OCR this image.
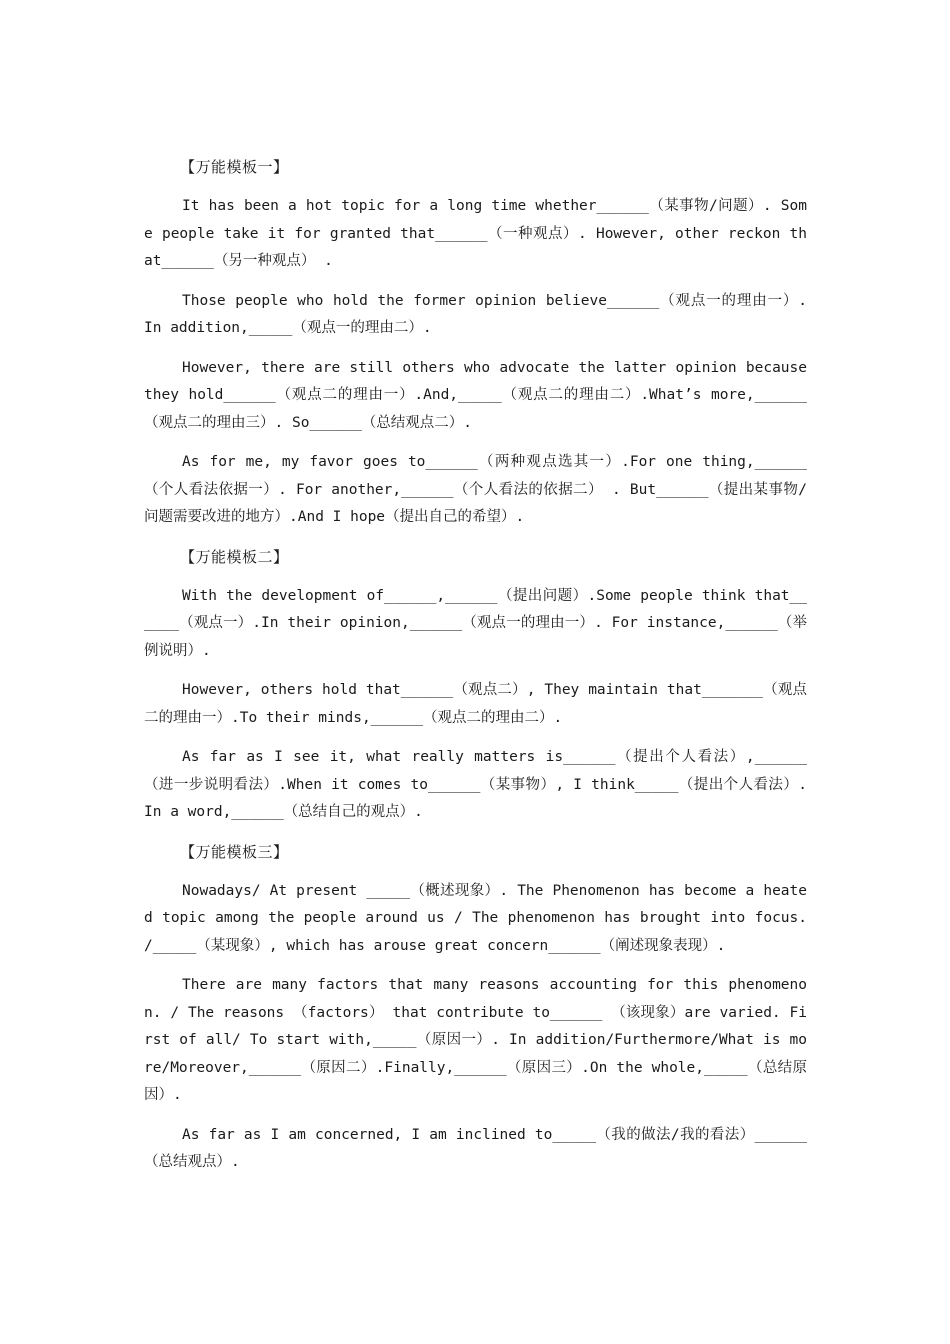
【万能模板一】

It has been a hot topic for a long time whether______（某事物/问题）. Some people take it for granted that______（一种观点）. However, other reckon that______（另一种观点） .

Those people who hold the former opinion believe______（观点一的理由一）. In addition,_____（观点一的理由二）.

However, there are still others who advocate the latter opinion because they hold______（观点二的理由一）.And,_____（观点二的理由二）.What’s more,______（观点二的理由三）. So______（总结观点二）.

As for me, my favor goes to______（两种观点选其一）.For one thing,______（个人看法依据一）. For another,______（个人看法的依据二） . But______（提出某事物/问题需要改进的地方）.And I hope（提出自己的希望）.

【万能模板二】

With the development of______,______（提出问题）.Some people think that______（观点一）.In their opinion,______（观点一的理由一）. For instance,______（举例说明）.

However, others hold that______（观点二）, They maintain that_______（观点二的理由一）.To their minds,______（观点二的理由二）.

As far as I see it, what really matters is______（提出个人看法）,______（进一步说明看法）.When it comes to______（某事物）, I think_____（提出个人看法）. In a word,______（总结自己的观点）.

【万能模板三】

Nowadays/ At present _____（概述现象）. The Phenomenon has become a heated topic among the people around us / The phenomenon has brought into focus. /_____（某现象）, which has arouse great concern______（阐述现象表现）.

There are many factors that many reasons accounting for this phenomenon. / The reasons （factors） that contribute to______ （该现象）are varied. First of all/ To start with,_____（原因一）. In addition/Furthermore/What is more/Moreover,______（原因二）.Finally,______（原因三）.On the whole,_____（总结原因）.

As far as I am concerned, I am inclined to_____（我的做法/我的看法）______ （总结观点）.
